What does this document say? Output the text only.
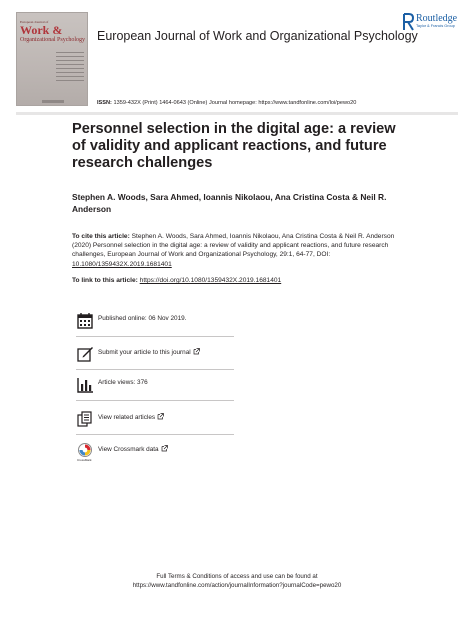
European Journal of
Work &
Organizational Psychology European Journal of Work and Organizational Psychology
Routledge
Taylor & Francis Group
ISSN: 1359-432X (Print) 1464-0643 (Online) Journal homepage: https://www.tandfonline.com/loi/pewo20
Personnel selection in the digital age: a review of validity and applicant reactions, and future research challenges
Stephen A. Woods, Sara Ahmed, Ioannis Nikolaou, Ana Cristina Costa & Neil R. Anderson
To cite this article: Stephen A. Woods, Sara Ahmed, Ioannis Nikolaou, Ana Cristina Costa & Neil R. Anderson (2020) Personnel selection in the digital age: a review of validity and applicant reactions, and future research challenges, European Journal of Work and Organizational Psychology, 29:1, 64-77, DOI: 10.1080/1359432X.2019.1681401
To link to this article: https://doi.org/10.1080/1359432X.2019.1681401
Published online: 06 Nov 2019.
Submit your article to this journal
Article views: 376
View related articles
CrossMark
View Crossmark data
Full Terms & Conditions of access and use can be found at
https://www.tandfonline.com/action/journalInformation?journalCode=pewo20
